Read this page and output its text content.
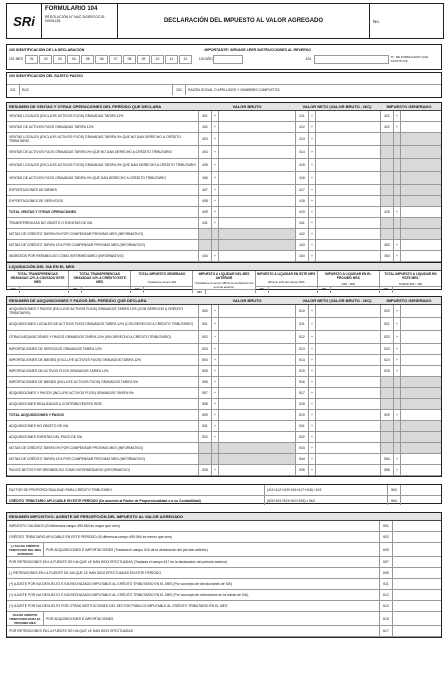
SRi
FORMULARIO 104
RESOLUCIÓN N° NAC-DGERCGC15-00001128	DECLARACIÓN DEL IMPUESTO AL VALOR AGREGADO	No.
100 IDENTIFICACIÓN DE LA DECLARACIÓN	IMPORTANTE: SÍRVASE LEER INSTRUCCIONES AL REVERSO
101 MES	01	02	03	04	05	06	07	08	09	10	11	12	102 AÑO	104	N°. DE FORMULARIO QUE SUSTITUYE
200 IDENTIFICACIÓN DEL SUJETO PASIVO
201	RUC	202	RAZÓN SOCIAL O APELLIDOS Y NOMBRES COMPLETOS
RESUMEN DE VENTAS Y OTRAS OPERACIONES DEL PERÍODO QUE DECLARA	VALOR BRUTO	VALOR NETO (VALOR BRUTO - N/C)	IMPUESTO GENERADO
VENTAS LOCALES (EXCLUYE ACTIVOS FIJOS) GRAVADAS TARIFA 12%	401	+	411	+	421	+
VENTAS DE ACTIVOS FIJOS GRAVADAS TARIFA 12%	402	+	412	+	422	+
VENTAS LOCALES (EXCLUYE ACTIVOS FIJOS) GRAVADAS TARIFA 0% QUE NO DAN DERECHO A CRÉDITO TRIBUTARIO	403	+	413	+
VENTAS DE ACTIVOS FIJOS GRAVADAS TARIFA 0% QUE NO DAN DERECHO A CRÉDITO TRIBUTARIO	404	+	414	+
VENTAS LOCALES (EXCLUYE ACTIVOS FIJOS) GRAVADAS TARIFA 0% QUE DAN DERECHO A CRÉDITO TRIBUTARIO	405	+	415	+
VENTAS DE ACTIVOS FIJOS GRAVADAS TARIFA 0% QUE DAN DERECHO A CRÉDITO TRIBUTARIO	406	+	416	+
EXPORTACIONES DE BIENES	407	+	417	+
EXPORTACIONES DE SERVICIOS	408	+	418	+
TOTAL VENTAS Y OTRAS OPERACIONES	409	+	419	+	429	+
TRANSFERENCIAS NO OBJETO O EXENTAS DE IVA	431	+	441	+
NOTAS DE CRÉDITO TARIFA 0% POR COMPENSAR PRÓXIMO MES (INFORMATIVO)	442	+
NOTAS DE CRÉDITO TARIFA 12% POR COMPENSAR PRÓXIMO MES (INFORMATIVO)	443	+	453	+
INGRESOS POR REEMBOLSO COMO INTERMEDIARIO (INFORMATIVO)	434	+	444	+	454	+
LIQUIDACIÓN DEL IVA EN EL MES
TOTAL TRANSFERENCIAS GRAVADAS 12% A CONTADO ESTE MES
480
TOTAL TRANSFERENCIAS GRAVADAS 12% A CRÉDITO ESTE MES
481
TOTAL IMPUESTO GENERADO
Trasládese campo 429
482
IMPUESTO A LIQUIDAR DEL MES ANTERIOR
(Trasládese el campo 485 de la declaración del período anterior)
483
IMPUESTO A LIQUIDAR EN ESTE MES
(Mínimo 12% del campo 480)
484
IMPUESTO A LIQUIDAR EN EL PRÓXIMO MES
(482 - 484)
485
TOTAL IMPUESTO A LIQUIDAR EN ESTE MES
SUMAR 483 + 484
499
RESUMEN DE ADQUISICIONES Y PAGOS DEL PERÍODO QUE DECLARA	VALOR BRUTO	VALOR NETO (VALOR BRUTO - N/C)	IMPUESTO GENERADO
ADQUISICIONES Y PAGOS (EXCLUYE ACTIVOS FIJOS) GRAVADOS TARIFA 12% (CON DERECHO A CRÉDITO TRIBUTARIO)	500	+	510	+	520	+
ADQUISICIONES LOCALES DE ACTIVOS FIJOS GRAVADOS TARIFA 12% (CON DERECHO A CRÉDITO TRIBUTARIO)	501	+	511	+	521	+
OTRAS ADQUISICIONES Y PAGOS GRAVADOS TARIFA 12% (SIN DERECHO A CRÉDITO TRIBUTARIO)	502	+	512	+	522	+
IMPORTACIONES DE SERVICIOS GRAVADOS TARIFA 12%	503	+	513	+	523	+
IMPORTACIONES DE BIENES (EXCLUYE ACTIVOS FIJOS) GRAVADOS TARIFA 12%	504	+	514	+	524	+
IMPORTACIONES DE ACTIVOS FIJOS GRAVADOS TARIFA 12%	505	+	515	+	525	+
IMPORTACIONES DE BIENES (INCLUYE ACTIVOS FIJOS) GRAVADOS TARIFA 0%	506	+	516	+
ADQUISICIONES Y PAGOS (INCLUYE ACTIVOS FIJOS) GRAVADOS TARIFA 0%	507	+	517	+
ADQUISICIONES REALIZADAS A CONTRIBUYENTES RISE	508	+	518	+
TOTAL ADQUISICIONES Y PAGOS	509	+	519	+	529	+
ADQUISICIONES NO OBJETO DE IVA	531	+	541	+
ADQUISICIONES EXENTAS DEL PAGO DE IVA	532	+	542	+
NOTAS DE CRÉDITO TARIFA 0% POR COMPENSAR PRÓXIMO MES (INFORMATIVO)	543	+
NOTAS DE CRÉDITO TARIFA 12% POR COMPENSAR PRÓXIMO MES (INFORMATIVO)	544	+	554	+
PAGOS NETOS POR REEMBOLSO COMO INTERMEDIARIO (INFORMATIVO)	535	+	545	+	555	+
FACTOR DE PROPORCIONALIDAD PARA CRÉDITO TRIBUTARIO	(411+412+415+416+417+418) / 419	563
CRÉDITO TRIBUTARIO APLICABLE EN ESTE PERÍODO (De acuerdo al Factor de Proporcionalidad o a su Contabilidad)	(520+521+523+524+525) x 563	564
RESUMEN IMPOSITIVO: AGENTE DE PERCEPCIÓN DEL IMPUESTO AL VALOR AGREGADO
IMPUESTO CAUSADO (Si diferencia campo 499-564 es mayor que cero)	601
CRÉDITO TRIBUTARIO APLICABLE EN ESTE PERÍODO (Si diferencia campo 499-564 es menor que cero)	602
(-) SALDO CRÉDITO TRIBUTARIO DEL MES ANTERIOR
POR ADQUISICIONES E IMPORTACIONES (Traslada el campo 615 de la declaración del período anterior)	605
POR RETENCIONES EN LA FUENTE DE IVA QUE LE HAN SIDO EFECTUADAS (Traslada el campo 617 de la declaración del período anterior)	607
(-) RETENCIONES EN LA FUENTE DE IVA QUE LE HAN SIDO EFECTUADAS EN ESTE PERÍODO	609
(+) AJUSTE POR IVA DEVUELTO E IVA RECHAZADO IMPUTABLE AL CRÉDITO TRIBUTARIO EN EL MES (Por concepto de devoluciones de IVA)	611
(+) AJUSTE POR IVA DEVUELTO E IVA RECHAZADO IMPUTABLE AL CRÉDITO TRIBUTARIO EN EL MES (Por concepto de retenciones en la fuente de IVA)	612
(+) AJUSTE POR IVA DEVUELTO POR OTRAS INSTITUCIONES DEL SECTOR PÚBLICO IMPUTABLE AL CRÉDITO TRIBUTARIO EN EL MES	613
SALDO CRÉDITO TRIBUTARIO PARA EL PRÓXIMO MES
POR ADQUISICIONES E IMPORTACIONES	615
POR RETENCIONES EN LA FUENTE DE IVA QUE LE HAN SIDO EFECTUADAS	617
